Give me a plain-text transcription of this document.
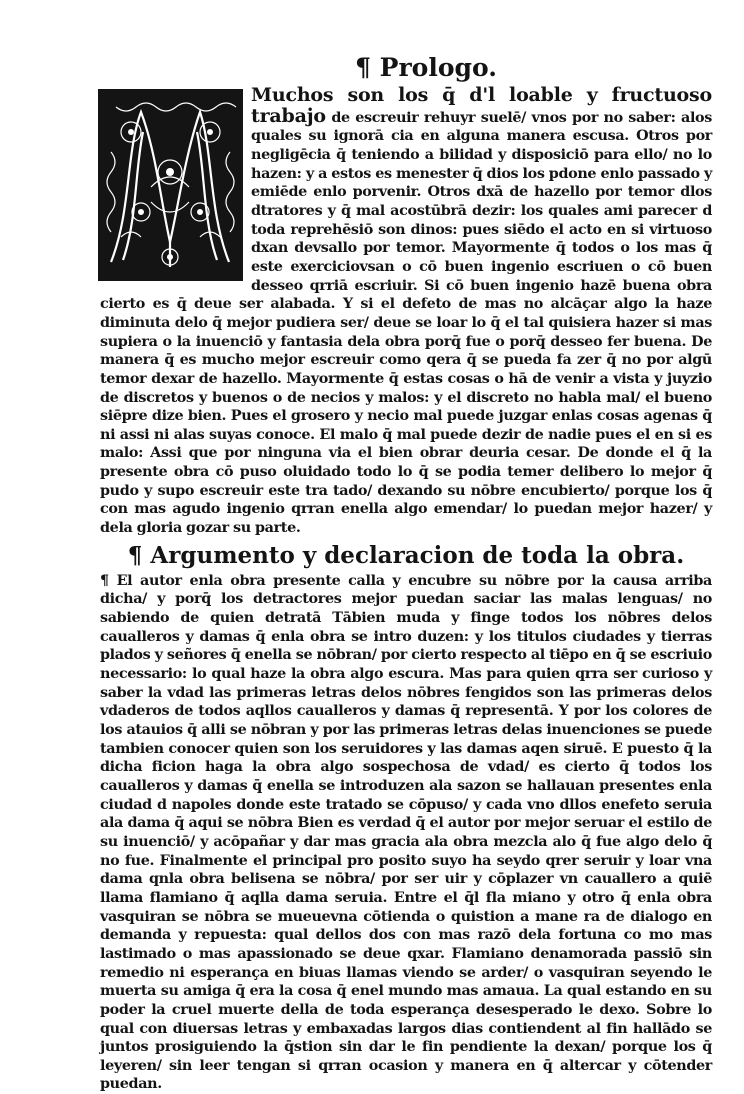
¶ Prologo.

Muchos son los q̄ d'l loable y fructuoso trabajo de escreuir rehuyr suelē/ vnos por no saber: alos quales su ignorā cia en alguna manera escusa. Otros por negligēcia q̄ teniendo a bilidad y disposiciō para ello/ no lo hazen: y a estos es menester q̄ dios los pdone enlo passado y emiēde enlo porvenir. Otros dxā de hazello por temor dlos dtratores y q̄ mal acostūbrā dezir: los quales ami parecer d toda reprehēsiō son dinos: pues siēdo el acto en si virtuoso dxan devsallo por temor. Mayormente q̄ todos o los mas q̄ este exerciciovsan o cō buen ingenio escriuen o cō buen desseo qrriā escriuir. Si cō buen ingenio hazē buena obra cierto es q̄ deue ser alabada. Y si el defeto de mas no alcāçar algo la haze diminuta delo q̄ mejor pudiera ser/ deue se loar lo q̄ el tal quisiera hazer si mas supiera o la inuenciō y fantasia dela obra porq̄ fue o porq̄ desseo fer buena. De manera q̄ es mucho mejor escreuir como qera q̄ se pueda fa zer q̄ no por algū temor dexar de hazello. Mayormente q̄ estas cosas o hā de venir a vista y juyzio de discretos y buenos o de necios y malos: y el discreto no habla mal/ el bueno siēpre dize bien. Pues el grosero y necio mal puede juzgar enlas cosas agenas q̄ ni assi ni alas suyas conoce. El malo q̄ mal puede dezir de nadie pues el en si es malo: Assi que por ninguna via el bien obrar deuria cesar. De donde el q̄ la presente obra cō puso oluidado todo lo q̄ se podia temer delibero lo mejor q̄ pudo y supo escreuir este tra tado/ dexando su nōbre encubierto/ porque los q̄ con mas agudo ingenio qrran enella algo emendar/ lo puedan mejor hazer/ y dela gloria gozar su parte.

¶ Argumento y declaracion de toda la obra.

¶ El autor enla obra presente calla y encubre su nōbre por la causa arriba dicha/ y porq̄ los detractores mejor puedan saciar las malas lenguas/ no sabiendo de quien detratā Tābien muda y finge todos los nōbres delos caualleros y damas q̄ enla obra se intro duzen: y los titulos ciudades y tierras plados y señores q̄ enella se nōbran/ por cierto respecto al tiēpo en q̄ se escriuio necessario: lo qual haze la obra algo escura. Mas para quien qrra ser curioso y saber la vdad las primeras letras delos nōbres fengidos son las primeras delos vdaderos de todos aqllos caualleros y damas q̄ representā. Y por los colores de los atauios q̄ alli se nōbran y por las primeras letras delas inuenciones se puede tambien conocer quien son los seruidores y las damas aqen siruē. E puesto q̄ la dicha ficion haga la obra algo sospechosa de vdad/ es cierto q̄ todos los caualleros y damas q̄ enella se introduzen ala sazon se hallauan presentes enla ciudad d napoles donde este tratado se cōpuso/ y cada vno dllos enefeto seruia ala dama q̄ aqui se nōbra Bien es verdad q̄ el autor por mejor seruar el estilo de su inuenciō/ y acōpañar y dar mas gracia ala obra mezcla alo q̄ fue algo delo q̄ no fue. Finalmente el principal pro posito suyo ha seydo qrer seruir y loar vna dama qnla obra belisena se nōbra/ por ser uir y cōplazer vn cauallero a quiē llama flamiano q̄ aqlla dama seruia. Entre el q̄l fla miano y otro q̄ enla obra vasquiran se nōbra se mueuevna cōtienda o quistion a mane ra de dialogo en demanda y repuesta: qual dellos dos con mas razō dela fortuna co mo mas lastimado o mas apassionado se deue qxar. Flamiano denamorada passiō sin remedio ni esperança en biuas llamas viendo se arder/ o vasquiran seyendo le muerta su amiga q̄ era la cosa q̄ enel mundo mas amaua. La qual estando en su poder la cruel muerte della de toda esperança desesperado le dexo. Sobre lo qual con diuersas letras y embaxadas largos dias contiendent al fin hallādo se juntos prosiguiendo la q̄stion sin dar le fin pendiente la dexan/ porque los q̄ leyeren/ sin leer tengan si qrran ocasion y manera en q̄ altercar y cōtender puedan.
